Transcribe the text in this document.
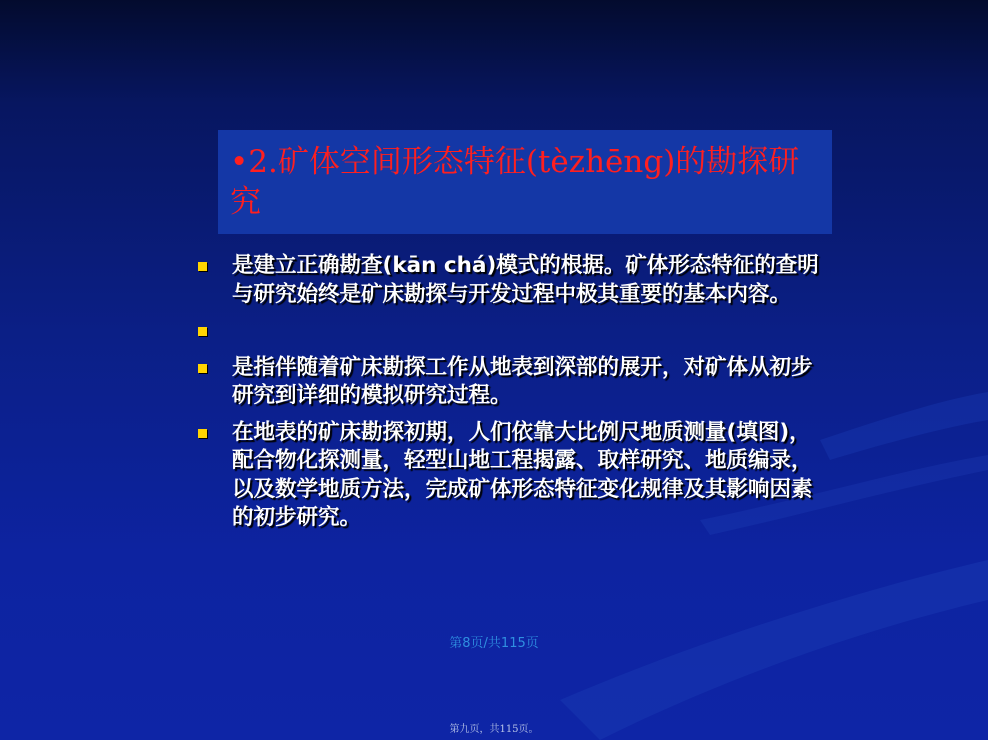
•2.矿体空间形态特征(tèzhēng)的勘探研究

是建立正确勘查(kān chá)模式的根据。矿体形态特征的查明与研究始终是矿床勘探与开发过程中极其重要的基本内容。
是指伴随着矿床勘探工作从地表到深部的展开，对矿体从初步研究到详细的模拟研究过程。
在地表的矿床勘探初期，人们依靠大比例尺地质测量(填图)，配合物化探测量，轻型山地工程揭露、取样研究、地质编录，以及数学地质方法，完成矿体形态特征变化规律及其影响因素的初步研究。
第8页/共115页
第九页，共115页。
